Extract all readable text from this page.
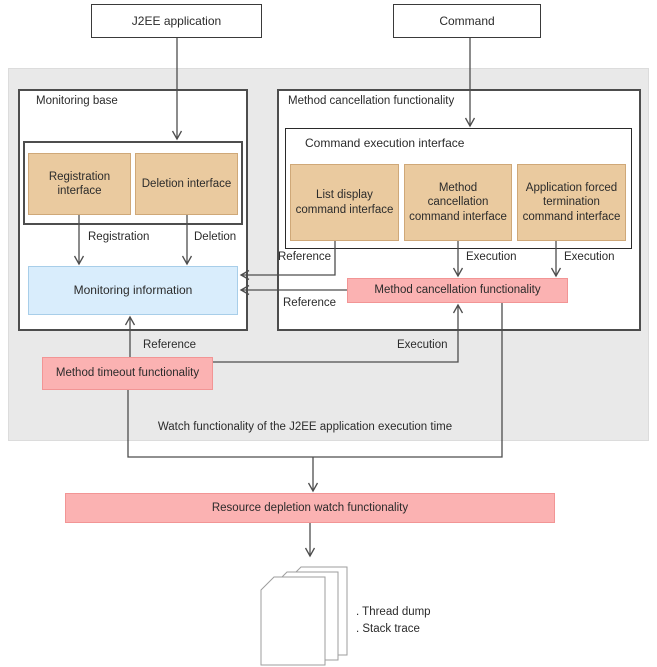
J2EE application	Command
Monitoring base
Registration interface
Deletion interface
Monitoring information
Method cancellation functionality
Command execution interface
List display command interface
Method cancellation command interface
Application forced termination command interface
Method cancellation functionality
Method timeout functionality
Resource depletion watch functionality
Registration	Deletion
Reference	Execution	Execution
Reference
Reference	Execution
Watch functionality of the J2EE application execution time
. Thread dump
. Stack trace
